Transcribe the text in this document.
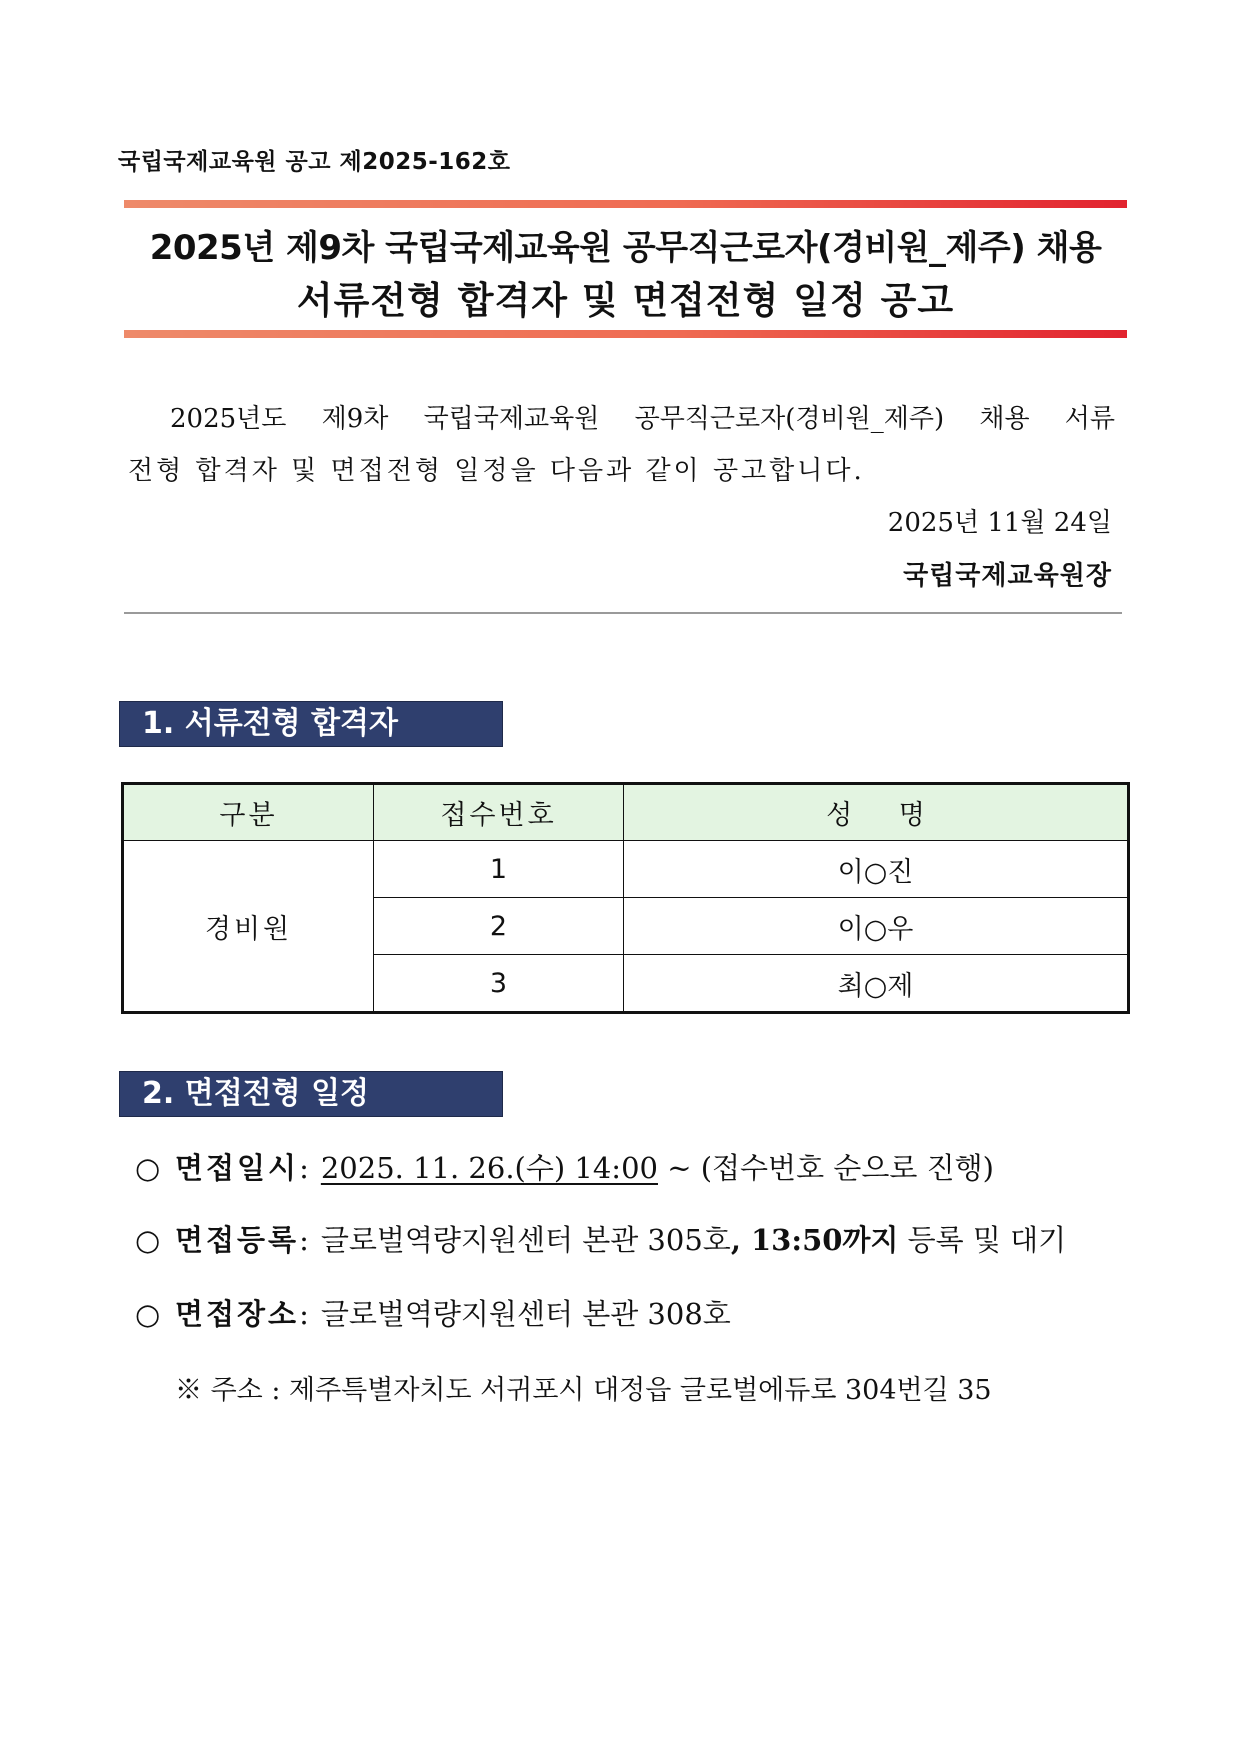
국립국제교육원 공고 제2025-162호
2025년 제9차 국립국제교육원 공무직근로자(경비원_제주) 채용
서류전형 합격자 및 면접전형 일정 공고
2025년도 제9차 국립국제교육원 공무직근로자(경비원_제주) 채용 서류
전형 합격자 및 면접전형 일정을 다음과 같이 공고합니다.
2025년 11월 24일
국립국제교육원장
1. 서류전형 합격자
구분	접수번호	성 명
경비원	1	이○진
	2	이○우
	3	최○제
2. 면접전형 일정
○ 면접일시: 2025. 11. 26.(수) 14:00 ~ (접수번호 순으로 진행)
○ 면접등록: 글로벌역량지원센터 본관 305호, 13:50까지 등록 및 대기
○ 면접장소: 글로벌역량지원센터 본관 308호
※ 주소 : 제주특별자치도 서귀포시 대정읍 글로벌에듀로 304번길 35
